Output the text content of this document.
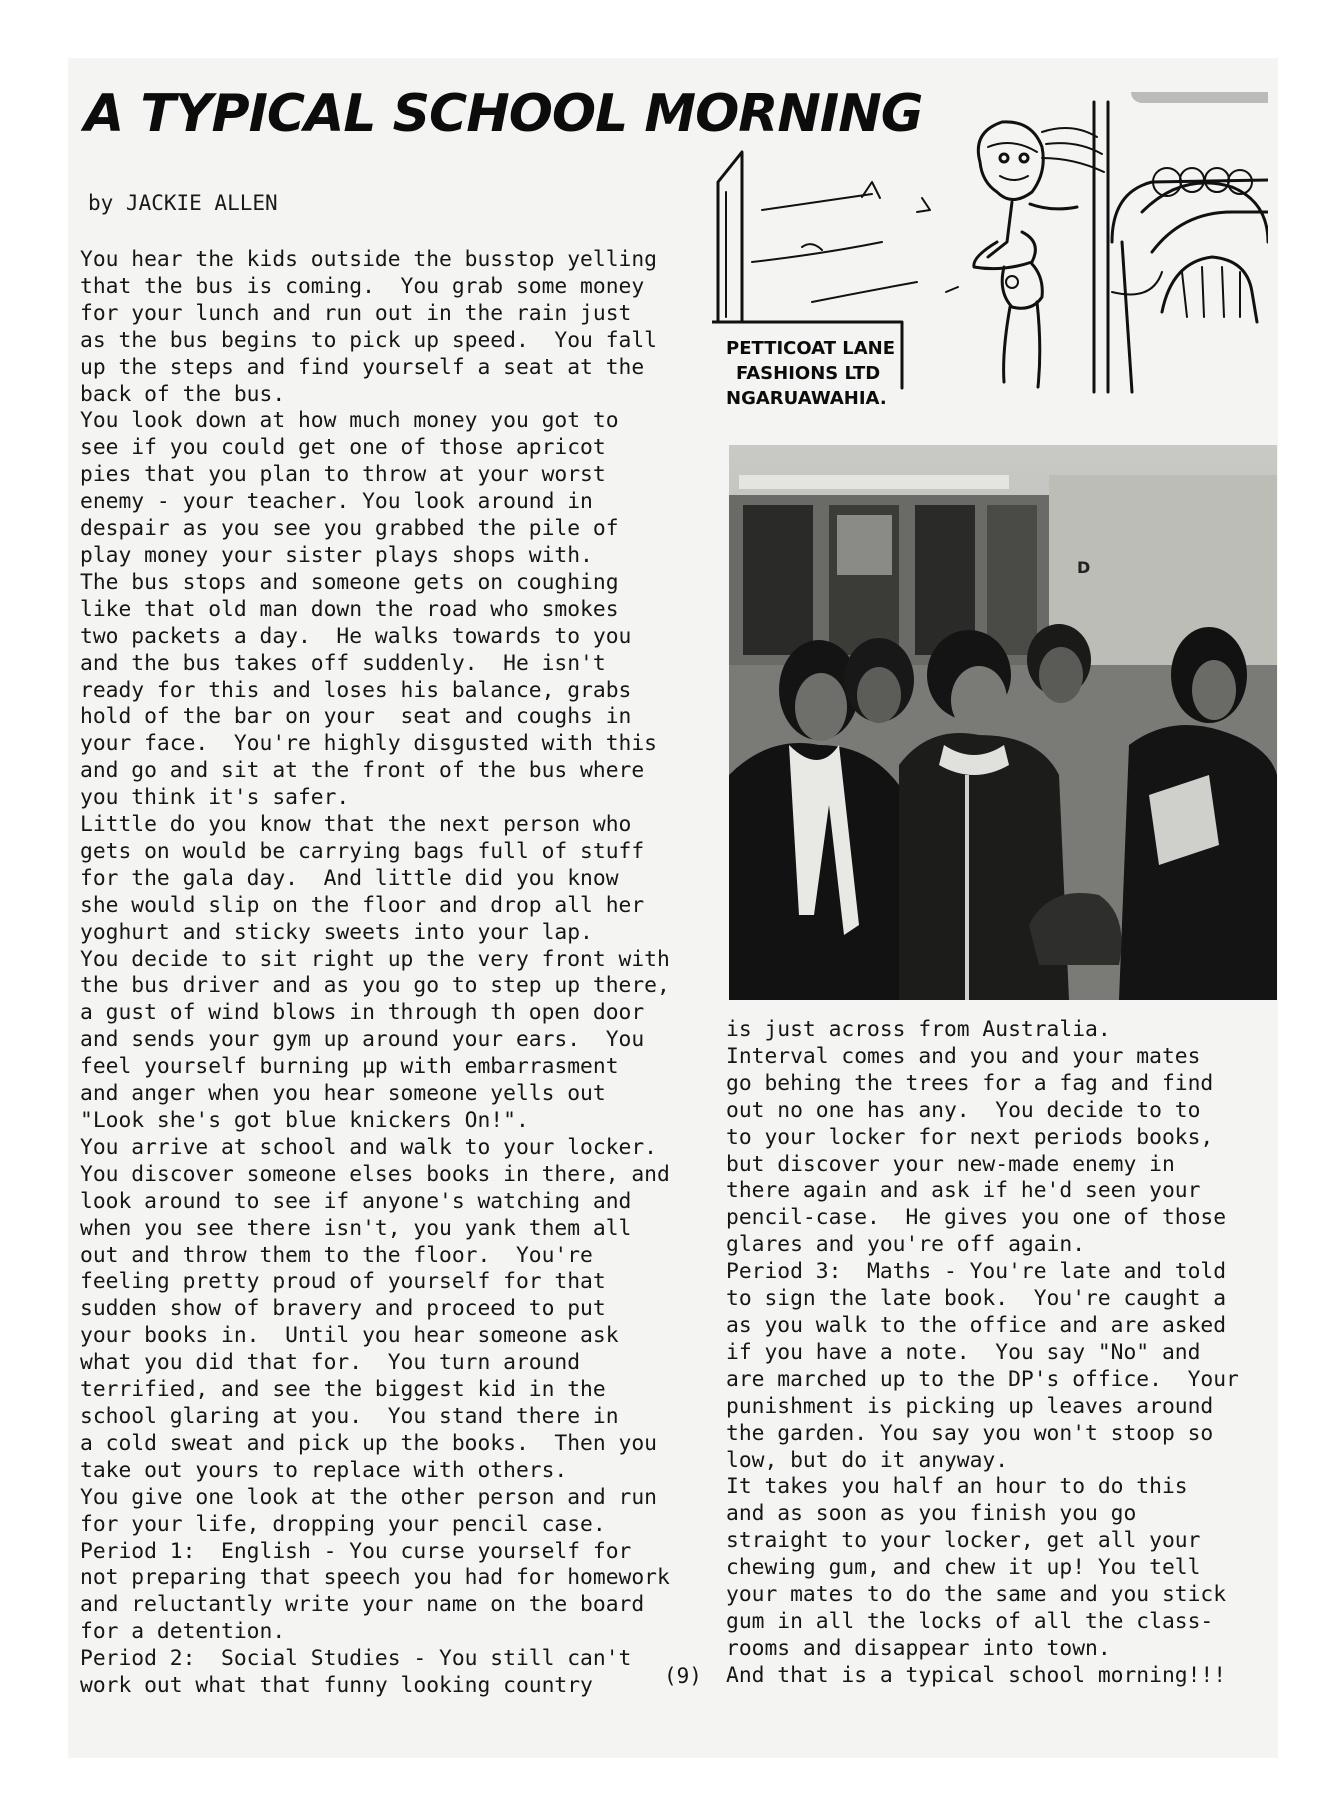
A TYPICAL SCHOOL MORNING

by JACKIE ALLEN

You hear the kids outside the busstop yelling
that the bus is coming.  You grab some money
for your lunch and run out in the rain just
as the bus begins to pick up speed.  You fall
up the steps and find yourself a seat at the
back of the bus.
You look down at how much money you got to
see if you could get one of those apricot
pies that you plan to throw at your worst
enemy - your teacher. You look around in
despair as you see you grabbed the pile of
play money your sister plays shops with.
The bus stops and someone gets on coughing
like that old man down the road who smokes
two packets a day.  He walks towards to you
and the bus takes off suddenly.  He isn't
ready for this and loses his balance, grabs
hold of the bar on your  seat and coughs in
your face.  You're highly disgusted with this
and go and sit at the front of the bus where
you think it's safer.
Little do you know that the next person who
gets on would be carrying bags full of stuff
for the gala day.  And little did you know
she would slip on the floor and drop all her
yoghurt and sticky sweets into your lap.
You decide to sit right up the very front with
the bus driver and as you go to step up there,
a gust of wind blows in through th open door
and sends your gym up around your ears.  You
feel yourself burning µp with embarrasment
and anger when you hear someone yells out
"Look she's got blue knickers On!".
You arrive at school and walk to your locker.
You discover someone elses books in there, and
look around to see if anyone's watching and
when you see there isn't, you yank them all
out and throw them to the floor.  You're
feeling pretty proud of yourself for that
sudden show of bravery and proceed to put
your books in.  Until you hear someone ask
what you did that for.  You turn around
terrified, and see the biggest kid in the
school glaring at you.  You stand there in
a cold sweat and pick up the books.  Then you
take out yours to replace with others.
You give one look at the other person and run
for your life, dropping your pencil case.
Period 1:  English - You curse yourself for
not preparing that speech you had for homework
and reluctantly write your name on the board
for a detention.
Period 2:  Social Studies - You still can't
work out what that funny looking country
is just across from Australia.
Interval comes and you and your mates
go behing the trees for a fag and find
out no one has any.  You decide to to
to your locker for next periods books,
but discover your new-made enemy in
there again and ask if he'd seen your
pencil-case.  He gives you one of those
glares and you're off again.
Period 3:  Maths - You're late and told
to sign the late book.  You're caught a
as you walk to the office and are asked
if you have a note.  You say "No" and
are marched up to the DP's office.  Your
punishment is picking up leaves around
the garden. You say you won't stoop so
low, but do it anyway.
It takes you half an hour to do this
and as soon as you finish you go
straight to your locker, get all your
chewing gum, and chew it up! You tell
your mates to do the same and you stick
gum in all the locks of all the class-
rooms and disappear into town.
And that is a typical school morning!!!

(9)

PETTICOAT LANE
FASHIONS LTD
NGARUAWAHIA.
D
